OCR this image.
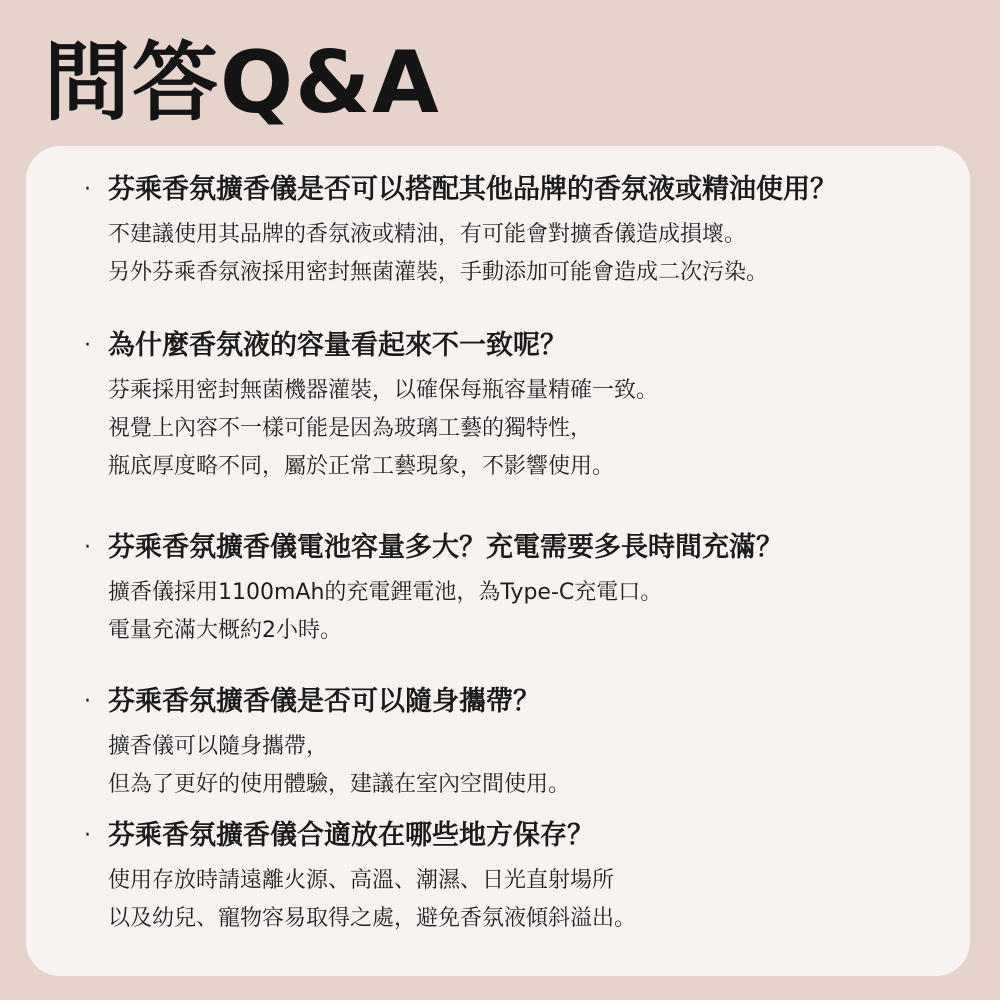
問答Q&A
· 芬乘香氛擴香儀是否可以搭配其他品牌的香氛液或精油使用？
不建議使用其品牌的香氛液或精油，有可能會對擴香儀造成損壞。
另外芬乘香氛液採用密封無菌灌裝，手動添加可能會造成二次污染。
· 為什麼香氛液的容量看起來不一致呢？
芬乘採用密封無菌機器灌裝，以確保每瓶容量精確一致。
視覺上內容不一樣可能是因為玻璃工藝的獨特性，
瓶底厚度略不同，屬於正常工藝現象，不影響使用。
· 芬乘香氛擴香儀電池容量多大？充電需要多長時間充滿？
擴香儀採用1100mAh的充電鋰電池，為Type-C充電口。
電量充滿大概約2小時。
· 芬乘香氛擴香儀是否可以隨身攜帶？
擴香儀可以隨身攜帶，
但為了更好的使用體驗，建議在室內空間使用。
· 芬乘香氛擴香儀合適放在哪些地方保存？
使用存放時請遠離火源、高溫、潮濕、日光直射場所
以及幼兒、寵物容易取得之處，避免香氛液傾斜溢出。
